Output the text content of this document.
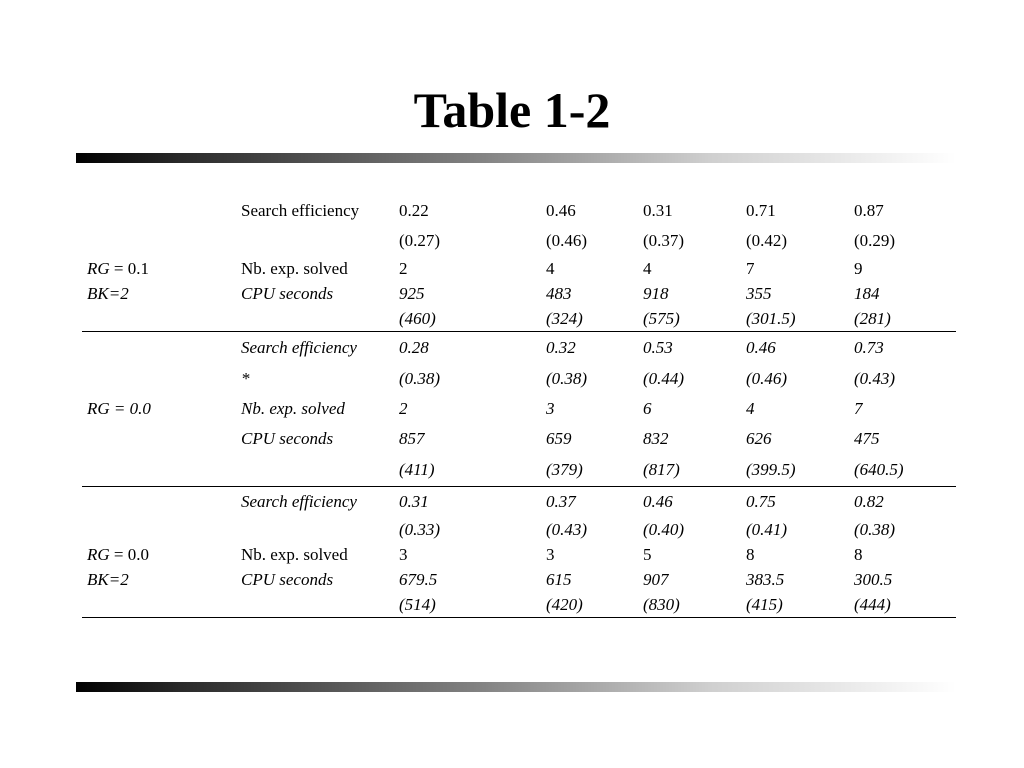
Table 1-2
	Search efficiency	0.22	0.46	0.31	0.71	0.87
		(0.27)	(0.46)	(0.37)	(0.42)	(0.29)
RG = 0.1	Nb. exp. solved	2	4	4	7	9
BK=2	CPU seconds	925	483	918	355	184
		(460)	(324)	(575)	(301.5)	(281)
	Search efficiency	0.28	0.32	0.53	0.46	0.73
	*	(0.38)	(0.38)	(0.44)	(0.46)	(0.43)
RG = 0.0	Nb. exp. solved	2	3	6	4	7
	CPU seconds	857	659	832	626	475
		(411)	(379)	(817)	(399.5)	(640.5)
	Search efficiency	0.31	0.37	0.46	0.75	0.82
		(0.33)	(0.43)	(0.40)	(0.41)	(0.38)
RG = 0.0	Nb. exp. solved	3	3	5	8	8
BK=2	CPU seconds	679.5	615	907	383.5	300.5
		(514)	(420)	(830)	(415)	(444)
